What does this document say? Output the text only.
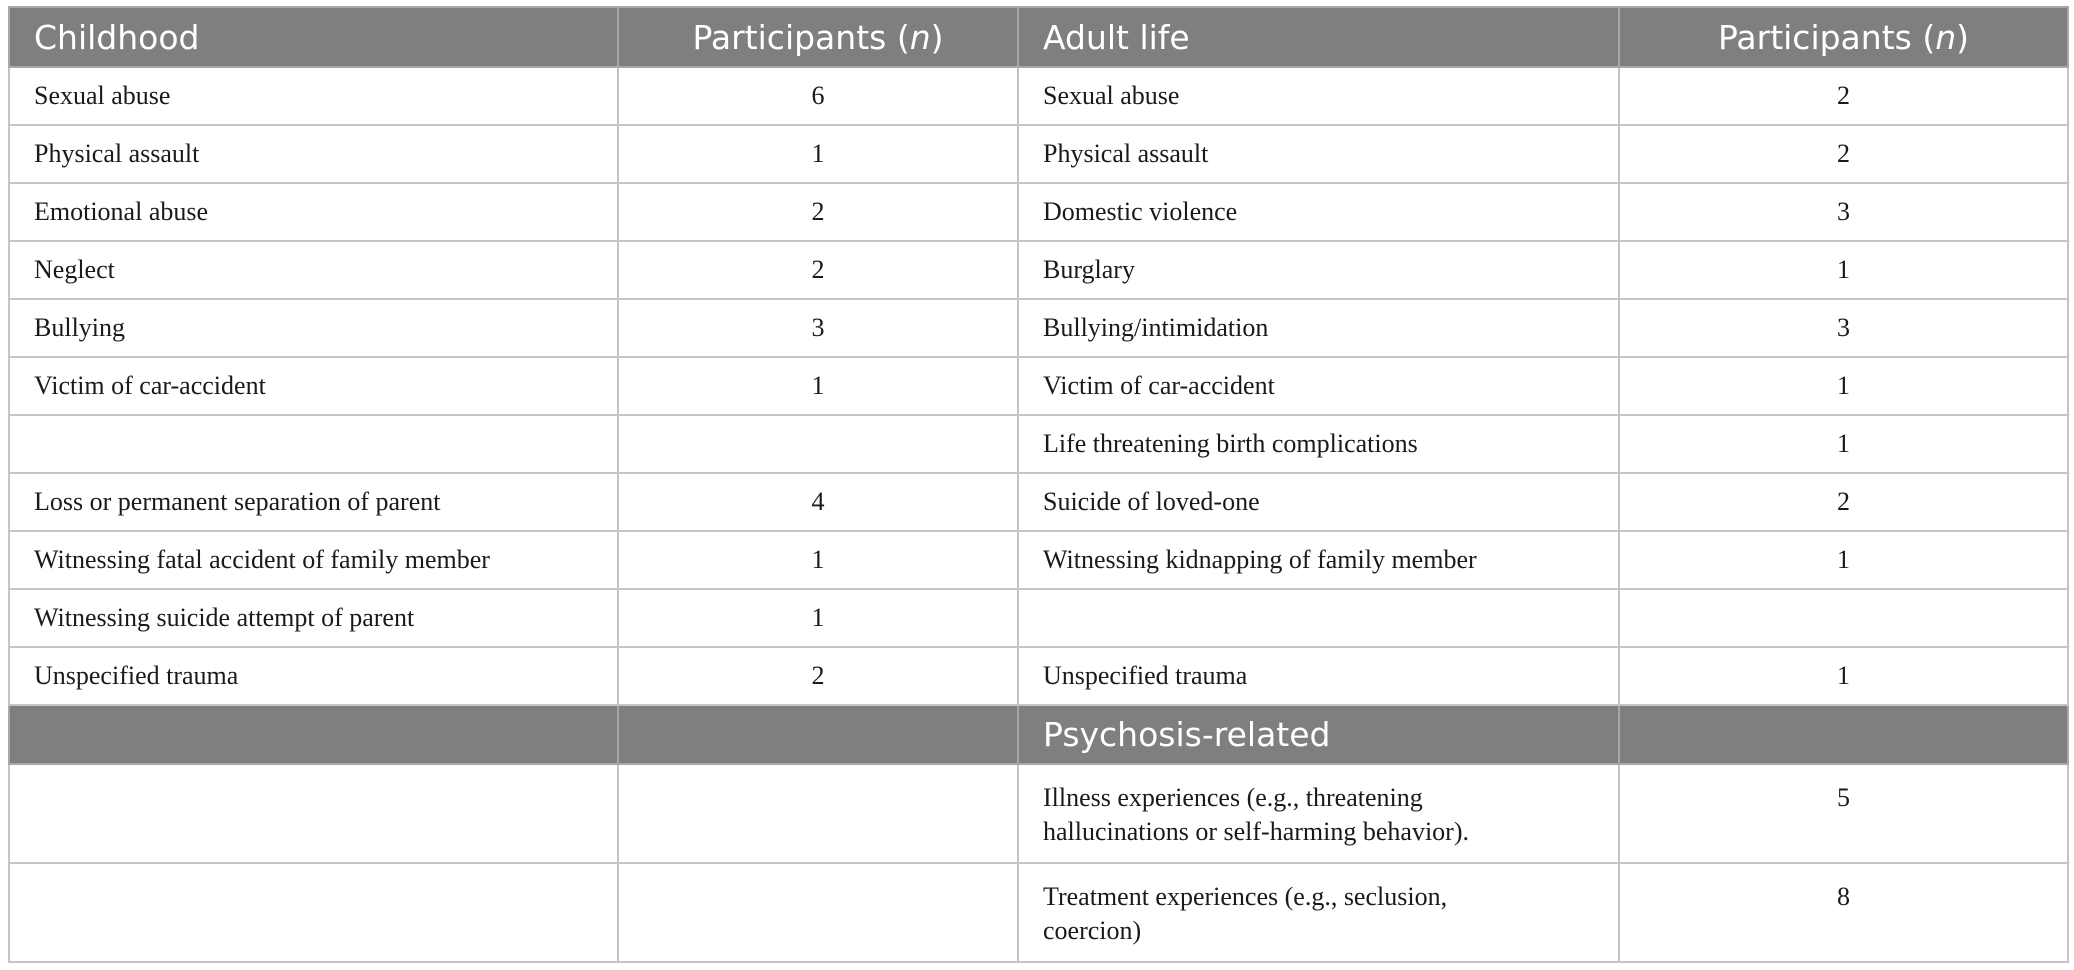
Childhood	Participants (n)	Adult life	Participants (n)
Sexual abuse	6	Sexual abuse	2
Physical assault	1	Physical assault	2
Emotional abuse	2	Domestic violence	3
Neglect	2	Burglary	1
Bullying	3	Bullying/intimidation	3
Victim of car-accident	1	Victim of car-accident	1
		Life threatening birth complications	1
Loss or permanent separation of parent	4	Suicide of loved-one	2
Witnessing fatal accident of family member	1	Witnessing kidnapping of family member	1
Witnessing suicide attempt of parent	1		
Unspecified trauma	2	Unspecified trauma	1
		Psychosis-related	
		Illness experiences (e.g., threatening hallucinations or self-harming behavior).	5
		Treatment experiences (e.g., seclusion, coercion)	8
